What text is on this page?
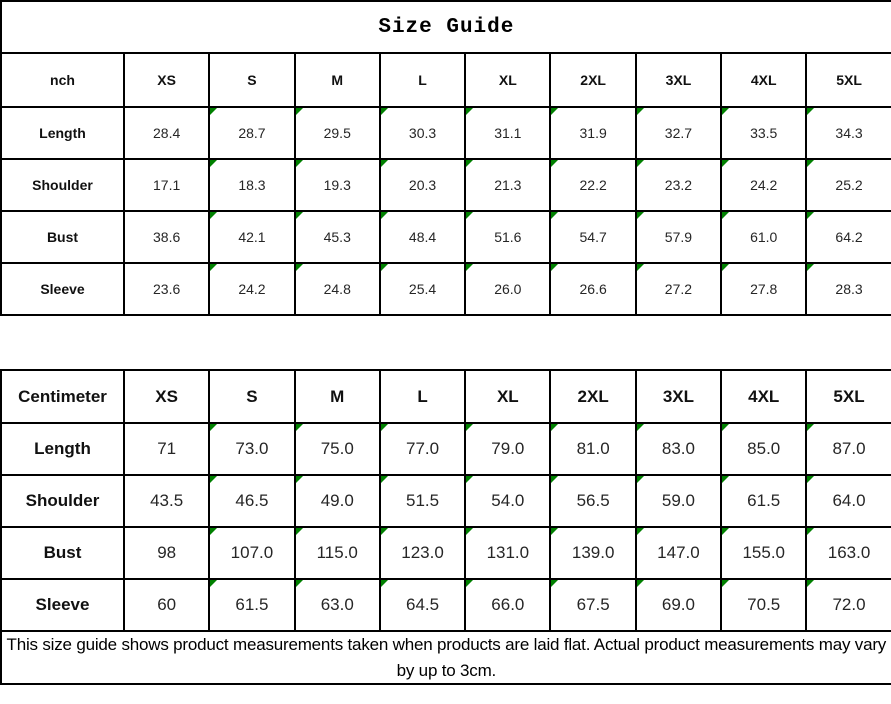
Size Guide									
nch	XS	S	M	L	XL	2XL	3XL	4XL	5XL
Length	28.4	28.7	29.5	30.3	31.1	31.9	32.7	33.5	34.3
Shoulder	17.1	18.3	19.3	20.3	21.3	22.2	23.2	24.2	25.2
Bust	38.6	42.1	45.3	48.4	51.6	54.7	57.9	61.0	64.2
Sleeve	23.6	24.2	24.8	25.4	26.0	26.6	27.2	27.8	28.3
Centimeter	XS	S	M	L	XL	2XL	3XL	4XL	5XL
Length	71	73.0	75.0	77.0	79.0	81.0	83.0	85.0	87.0
Shoulder	43.5	46.5	49.0	51.5	54.0	56.5	59.0	61.5	64.0
Bust	98	107.0	115.0	123.0	131.0	139.0	147.0	155.0	163.0
Sleeve	60	61.5	63.0	64.5	66.0	67.5	69.0	70.5	72.0
This size guide shows product measurements taken when products are laid flat. Actual product measurements may vary by up to 3cm.									
